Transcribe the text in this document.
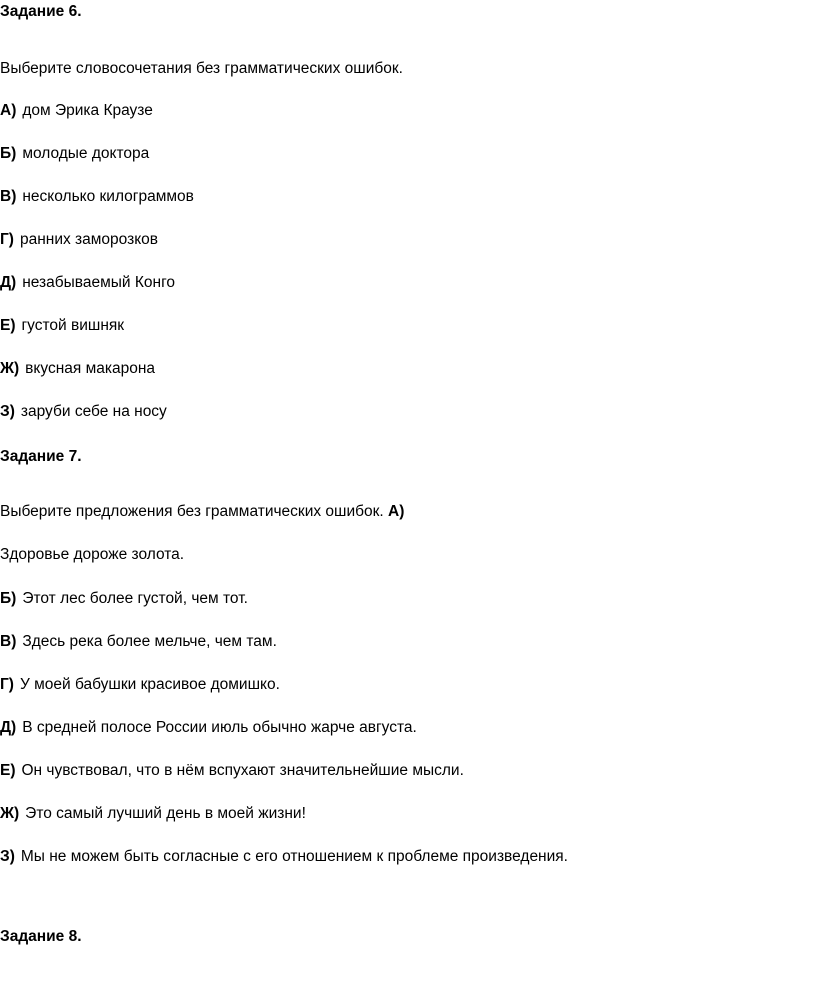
Задание 6.
Выберите словосочетания без грамматических ошибок.
А) дом Эрика Краузе
Б) молодые доктора
В) несколько килограммов
Г) ранних заморозков
Д) незабываемый Конго
Е) густой вишняк
Ж) вкусная макарона
З) заруби себе на носу
Задание 7.
Выберите предложения без грамматических ошибок. А)
Здоровье дороже золота.
Б) Этот лес более густой, чем тот.
В) Здесь река более мельче, чем там.
Г) У моей бабушки красивое домишко.
Д) В средней полосе России июль обычно жарче августа.
Е) Он чувствовал, что в нём вспухают значительнейшие мысли.
Ж) Это самый лучший день в моей жизни!
З) Мы не можем быть согласные с его отношением к проблеме произведения.
Задание 8.
